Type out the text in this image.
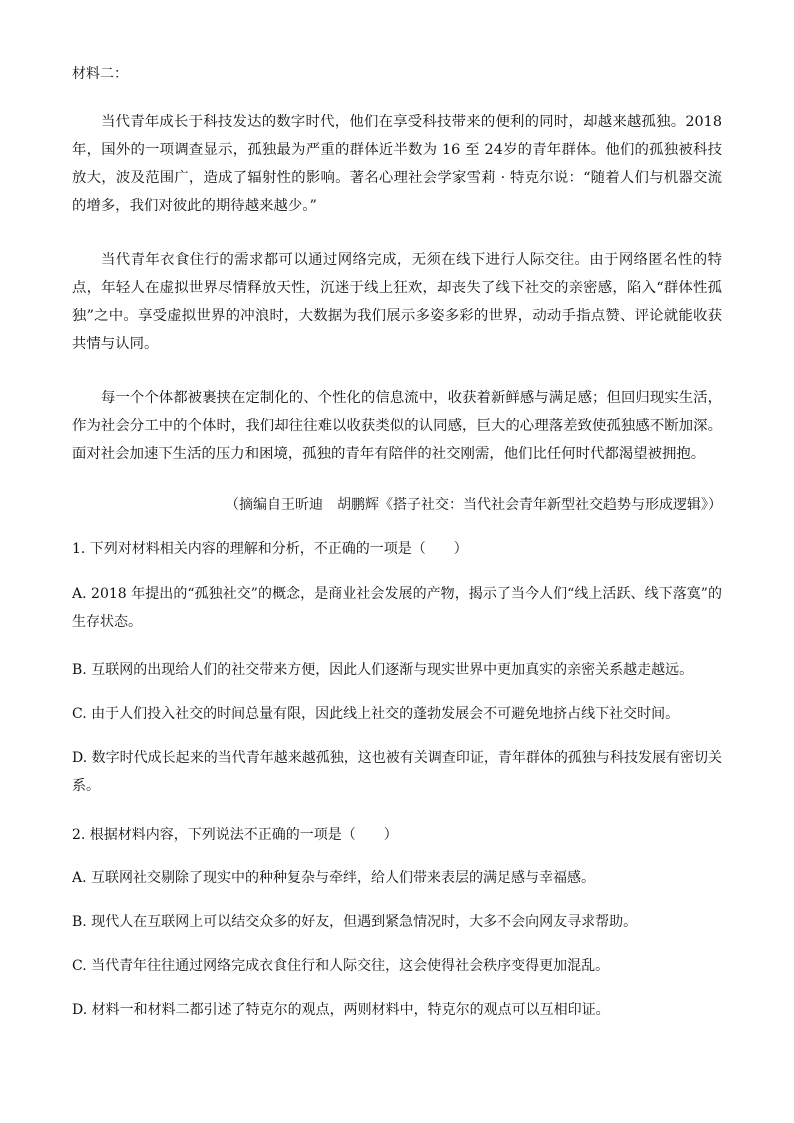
材料二：

当代青年成长于科技发达的数字时代，他们在享受科技带来的便利的同时，却越来越孤独。2018 年，国外的一项调查显示，孤独最为严重的群体近半数为 16 至 24岁的青年群体。他们的孤独被科技放大，波及范围广，造成了辐射性的影响。著名心理社会学家雪莉 · 特克尔说：“随着人们与机器交流的增多，我们对彼此的期待越来越少。”

当代青年衣食住行的需求都可以通过网络完成，无须在线下进行人际交往。由于网络匿名性的特点，年轻人在虚拟世界尽情释放天性，沉迷于线上狂欢，却丧失了线下社交的亲密感，陷入“群体性孤独”之中。享受虚拟世界的冲浪时，大数据为我们展示多姿多彩的世界，动动手指点赞、评论就能收获共情与认同。

每一个个体都被裹挟在定制化的、个性化的信息流中，收获着新鲜感与满足感；但回归现实生活，作为社会分工中的个体时，我们却往往难以收获类似的认同感，巨大的心理落差致使孤独感不断加深。面对社会加速下生活的压力和困境，孤独的青年有陪伴的社交刚需，他们比任何时代都渴望被拥抱。

（摘编自王昕迪　胡鹏辉《搭子社交：当代社会青年新型社交趋势与形成逻辑》）

1. 下列对材料相关内容的理解和分析，不正确的一项是（　　）

A. 2018 年提出的“孤独社交”的概念，是商业社会发展的产物，揭示了当今人们“线上活跃、线下落寞”的生存状态。

B. 互联网的出现给人们的社交带来方便，因此人们逐渐与现实世界中更加真实的亲密关系越走越远。

C. 由于人们投入社交的时间总量有限，因此线上社交的蓬勃发展会不可避免地挤占线下社交时间。

D. 数字时代成长起来的当代青年越来越孤独，这也被有关调查印证，青年群体的孤独与科技发展有密切关系。

2. 根据材料内容，下列说法不正确的一项是（　　）

A. 互联网社交剔除了现实中的种种复杂与牵绊，给人们带来表层的满足感与幸福感。

B. 现代人在互联网上可以结交众多的好友，但遇到紧急情况时，大多不会向网友寻求帮助。

C. 当代青年往往通过网络完成衣食住行和人际交往，这会使得社会秩序变得更加混乱。

D. 材料一和材料二都引述了特克尔的观点，两则材料中，特克尔的观点可以互相印证。
